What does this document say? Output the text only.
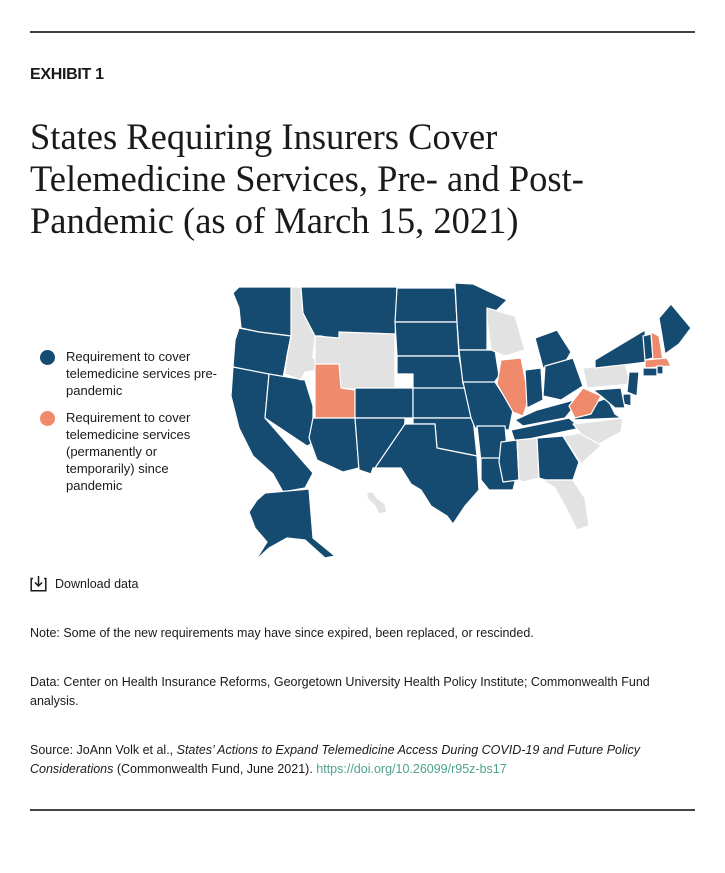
EXHIBIT 1
States Requiring Insurers Cover Telemedicine Services, Pre- and Post-Pandemic (as of March 15, 2021)
Requirement to cover telemedicine services pre-pandemic
Requirement to cover telemedicine services (permanently or temporarily) since pandemic
Download data

Note: Some of the new requirements may have since expired, been replaced, or rescinded.

Data: Center on Health Insurance Reforms, Georgetown University Health Policy Institute; Commonwealth Fund analysis.

Source: JoAnn Volk et al., States’ Actions to Expand Telemedicine Access During COVID-19 and Future Policy Considerations (Commonwealth Fund, June 2021). https://doi.org/10.26099/r95z-bs17
